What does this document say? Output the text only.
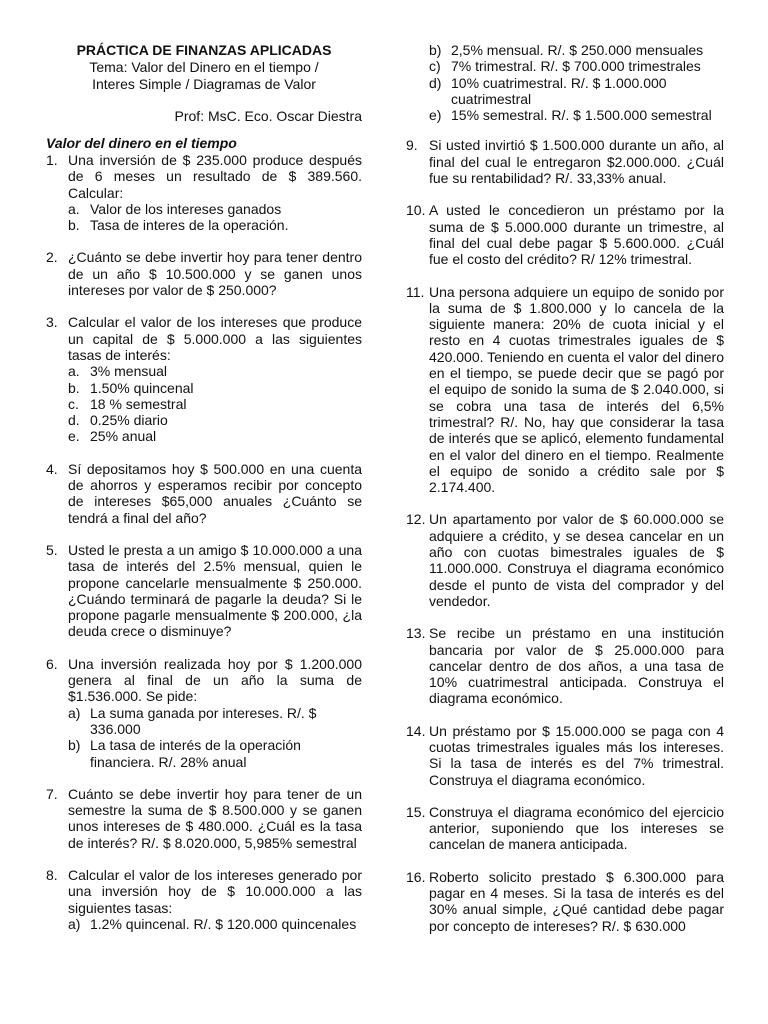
PRÁCTICA DE FINANZAS APLICADAS
Tema: Valor del Dinero en el tiempo / Interes Simple / Diagramas de Valor
Prof: MsC. Eco. Oscar Diestra
Valor del dinero en el tiempo
1. Una inversión de $ 235.000 produce después de 6 meses un resultado de $ 389.560. Calcular:
a. Valor de los intereses ganados
b. Tasa de interes de la operación.
2. ¿Cuánto se debe invertir hoy para tener dentro de un año $ 10.500.000 y se ganen unos intereses por valor de $ 250.000?
3. Calcular el valor de los intereses que produce un capital de $ 5.000.000 a las siguientes tasas de interés:
a. 3% mensual
b. 1.50% quincenal
c. 18 % semestral
d. 0.25% diario
e. 25% anual
4. Sí depositamos hoy $ 500.000 en una cuenta de ahorros y esperamos recibir por concepto de intereses $65,000 anuales ¿Cuánto se tendrá a final del año?
5. Usted le presta a un amigo $ 10.000.000 a una tasa de interés del 2.5% mensual, quien le propone cancelarle mensualmente $ 250.000. ¿Cuándo terminará de pagarle la deuda? Si le propone pagarle mensualmente $ 200.000, ¿la deuda crece o disminuye?
6. Una inversión realizada hoy por $ 1.200.000 genera al final de un año la suma de $1.536.000. Se pide:
a) La suma ganada por intereses. R/. $ 336.000
b) La tasa de interés de la operación financiera. R/. 28% anual
7. Cuánto se debe invertir hoy para tener de un semestre la suma de $ 8.500.000 y se ganen unos intereses de $ 480.000. ¿Cuál es la tasa de interés? R/. $ 8.020.000, 5,985% semestral
8. Calcular el valor de los intereses generado por una inversión hoy de $ 10.000.000 a las siguientes tasas:
a) 1.2% quincenal. R/. $ 120.000 quincenales
b) 2,5% mensual. R/. $ 250.000 mensuales
c) 7% trimestral. R/. $ 700.000 trimestrales
d) 10% cuatrimestral. R/. $ 1.000.000 cuatrimestral
e) 15% semestral. R/. $ 1.500.000 semestral
9. Si usted invirtió $ 1.500.000 durante un año, al final del cual le entregaron $2.000.000. ¿Cuál fue su rentabilidad? R/. 33,33% anual.
10. A usted le concedieron un préstamo por la suma de $ 5.000.000 durante un trimestre, al final del cual debe pagar $ 5.600.000. ¿Cuál fue el costo del crédito? R/ 12% trimestral.
11. Una persona adquiere un equipo de sonido por la suma de $ 1.800.000 y lo cancela de la siguiente manera: 20% de cuota inicial y el resto en 4 cuotas trimestrales iguales de $ 420.000. Teniendo en cuenta el valor del dinero en el tiempo, se puede decir que se pagó por el equipo de sonido la suma de $ 2.040.000, si se cobra una tasa de interés del 6,5% trimestral? R/. No, hay que considerar la tasa de interés que se aplicó, elemento fundamental en el valor del dinero en el tiempo. Realmente el equipo de sonido a crédito sale por $ 2.174.400.
12. Un apartamento por valor de $ 60.000.000 se adquiere a crédito, y se desea cancelar en un año con cuotas bimestrales iguales de $ 11.000.000. Construya el diagrama económico desde el punto de vista del comprador y del vendedor.
13. Se recibe un préstamo en una institución bancaria por valor de $ 25.000.000 para cancelar dentro de dos años, a una tasa de 10% cuatrimestral anticipada. Construya el diagrama económico.
14. Un préstamo por $ 15.000.000 se paga con 4 cuotas trimestrales iguales más los intereses. Si la tasa de interés es del 7% trimestral. Construya el diagrama económico.
15. Construya el diagrama económico del ejercicio anterior, suponiendo que los intereses se cancelan de manera anticipada.
16. Roberto solicito prestado $ 6.300.000 para pagar en 4 meses. Si la tasa de interés es del 30% anual simple, ¿Qué cantidad debe pagar por concepto de intereses? R/. $ 630.000
